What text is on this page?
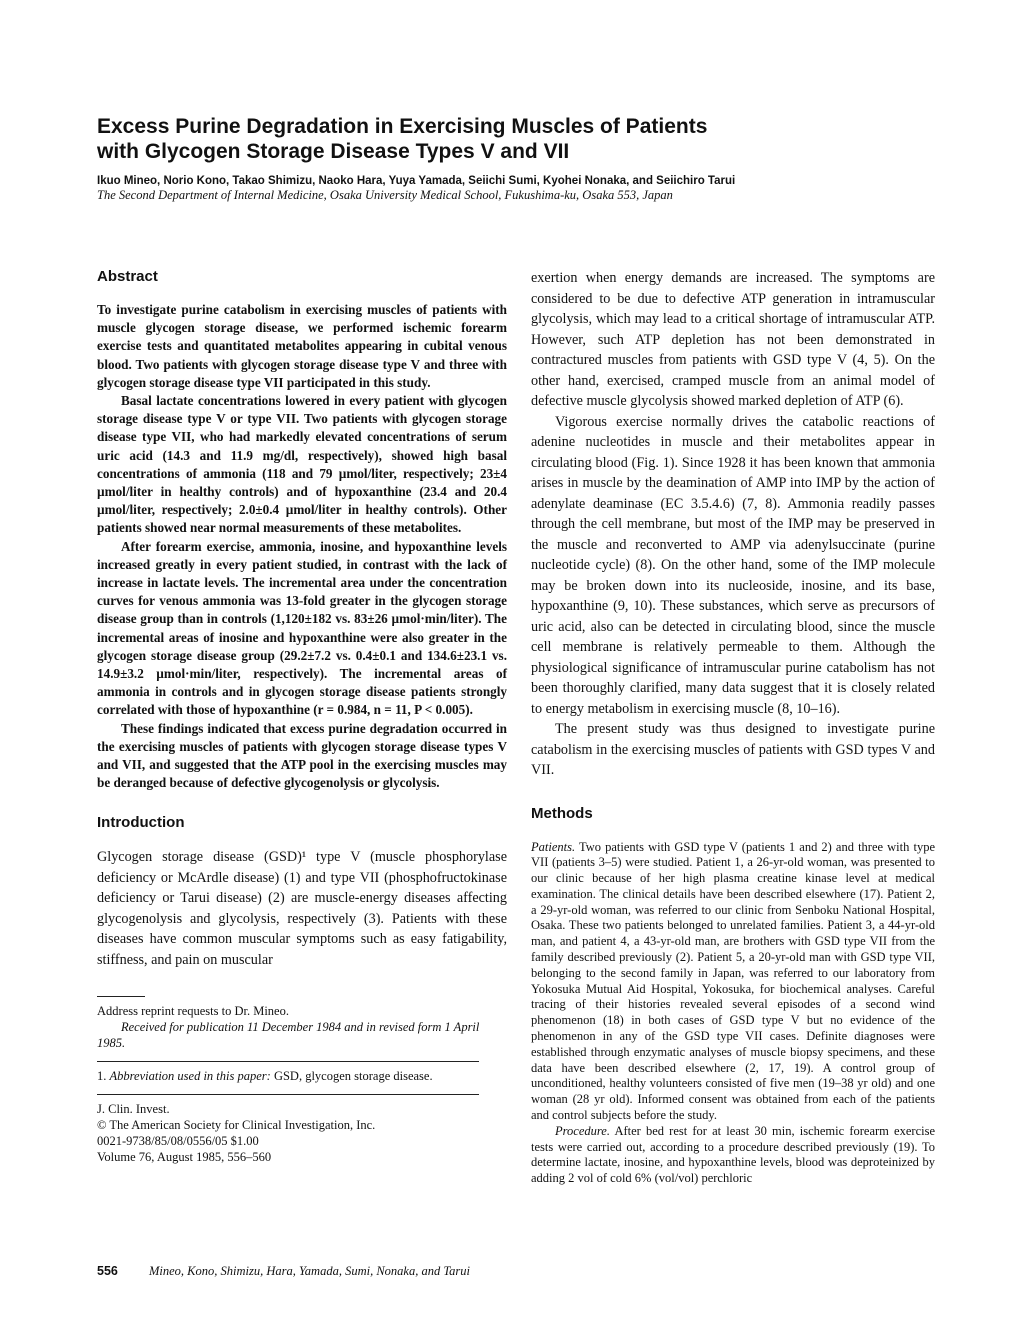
Excess Purine Degradation in Exercising Muscles of Patients
with Glycogen Storage Disease Types V and VII
Ikuo Mineo, Norio Kono, Takao Shimizu, Naoko Hara, Yuya Yamada, Seiichi Sumi, Kyohei Nonaka, and Seiichiro Tarui
The Second Department of Internal Medicine, Osaka University Medical School, Fukushima-ku, Osaka 553, Japan
Abstract

To investigate purine catabolism in exercising muscles of patients with muscle glycogen storage disease, we performed ischemic forearm exercise tests and quantitated metabolites appearing in cubital venous blood. Two patients with glycogen storage disease type V and three with glycogen storage disease type VII participated in this study.

Basal lactate concentrations lowered in every patient with glycogen storage disease type V or type VII. Two patients with glycogen storage disease type VII, who had markedly elevated concentrations of serum uric acid (14.3 and 11.9 mg/dl, respectively), showed high basal concentrations of ammonia (118 and 79 µmol/liter, respectively; 23±4 µmol/liter in healthy controls) and of hypoxanthine (23.4 and 20.4 µmol/liter, respectively; 2.0±0.4 µmol/liter in healthy controls). Other patients showed near normal measurements of these metabolites.

After forearm exercise, ammonia, inosine, and hypoxanthine levels increased greatly in every patient studied, in contrast with the lack of increase in lactate levels. The incremental area under the concentration curves for venous ammonia was 13-fold greater in the glycogen storage disease group than in controls (1,120±182 vs. 83±26 µmol·min/liter). The incremental areas of inosine and hypoxanthine were also greater in the glycogen storage disease group (29.2±7.2 vs. 0.4±0.1 and 134.6±23.1 vs. 14.9±3.2 µmol·min/liter, respectively). The incremental areas of ammonia in controls and in glycogen storage disease patients strongly correlated with those of hypoxanthine (r = 0.984, n = 11, P < 0.005).

These findings indicated that excess purine degradation occurred in the exercising muscles of patients with glycogen storage disease types V and VII, and suggested that the ATP pool in the exercising muscles may be deranged because of defective glycogenolysis or glycolysis.

Introduction

Glycogen storage disease (GSD)¹ type V (muscle phosphorylase deficiency or McArdle disease) (1) and type VII (phosphofructokinase deficiency or Tarui disease) (2) are muscle-energy diseases affecting glycogenolysis and glycolysis, respectively (3). Patients with these diseases have common muscular symptoms such as easy fatigability, stiffness, and pain on muscular

Address reprint requests to Dr. Mineo.

Received for publication 11 December 1984 and in revised form 1 April 1985.

1. Abbreviation used in this paper: GSD, glycogen storage disease.

J. Clin. Invest.

© The American Society for Clinical Investigation, Inc.

0021-9738/85/08/0556/05 $1.00

Volume 76, August 1985, 556–560

exertion when energy demands are increased. The symptoms are considered to be due to defective ATP generation in intramuscular glycolysis, which may lead to a critical shortage of intramuscular ATP. However, such ATP depletion has not been demonstrated in contractured muscles from patients with GSD type V (4, 5). On the other hand, exercised, cramped muscle from an animal model of defective muscle glycolysis showed marked depletion of ATP (6).

Vigorous exercise normally drives the catabolic reactions of adenine nucleotides in muscle and their metabolites appear in circulating blood (Fig. 1). Since 1928 it has been known that ammonia arises in muscle by the deamination of AMP into IMP by the action of adenylate deaminase (EC 3.5.4.6) (7, 8). Ammonia readily passes through the cell membrane, but most of the IMP may be preserved in the muscle and reconverted to AMP via adenylsuccinate (purine nucleotide cycle) (8). On the other hand, some of the IMP molecule may be broken down into its nucleoside, inosine, and its base, hypoxanthine (9, 10). These substances, which serve as precursors of uric acid, also can be detected in circulating blood, since the muscle cell membrane is relatively permeable to them. Although the physiological significance of intramuscular purine catabolism has not been thoroughly clarified, many data suggest that it is closely related to energy metabolism in exercising muscle (8, 10–16).

The present study was thus designed to investigate purine catabolism in the exercising muscles of patients with GSD types V and VII.

Methods

Patients. Two patients with GSD type V (patients 1 and 2) and three with type VII (patients 3–5) were studied. Patient 1, a 26-yr-old woman, was presented to our clinic because of her high plasma creatine kinase level at medical examination. The clinical details have been described elsewhere (17). Patient 2, a 29-yr-old woman, was referred to our clinic from Senboku National Hospital, Osaka. These two patients belonged to unrelated families. Patient 3, a 44-yr-old man, and patient 4, a 43-yr-old man, are brothers with GSD type VII from the family described previously (2). Patient 5, a 20-yr-old man with GSD type VII, belonging to the second family in Japan, was referred to our laboratory from Yokosuka Mutual Aid Hospital, Yokosuka, for biochemical analyses. Careful tracing of their histories revealed several episodes of a second wind phenomenon (18) in both cases of GSD type V but no evidence of the phenomenon in any of the GSD type VII cases. Definite diagnoses were established through enzymatic analyses of muscle biopsy specimens, and these data have been described elsewhere (2, 17, 19). A control group of unconditioned, healthy volunteers consisted of five men (19–38 yr old) and one woman (28 yr old). Informed consent was obtained from each of the patients and control subjects before the study.

Procedure. After bed rest for at least 30 min, ischemic forearm exercise tests were carried out, according to a procedure described previously (19). To determine lactate, inosine, and hypoxanthine levels, blood was deproteinized by adding 2 vol of cold 6% (vol/vol) perchloric

556 Mineo, Kono, Shimizu, Hara, Yamada, Sumi, Nonaka, and Tarui
